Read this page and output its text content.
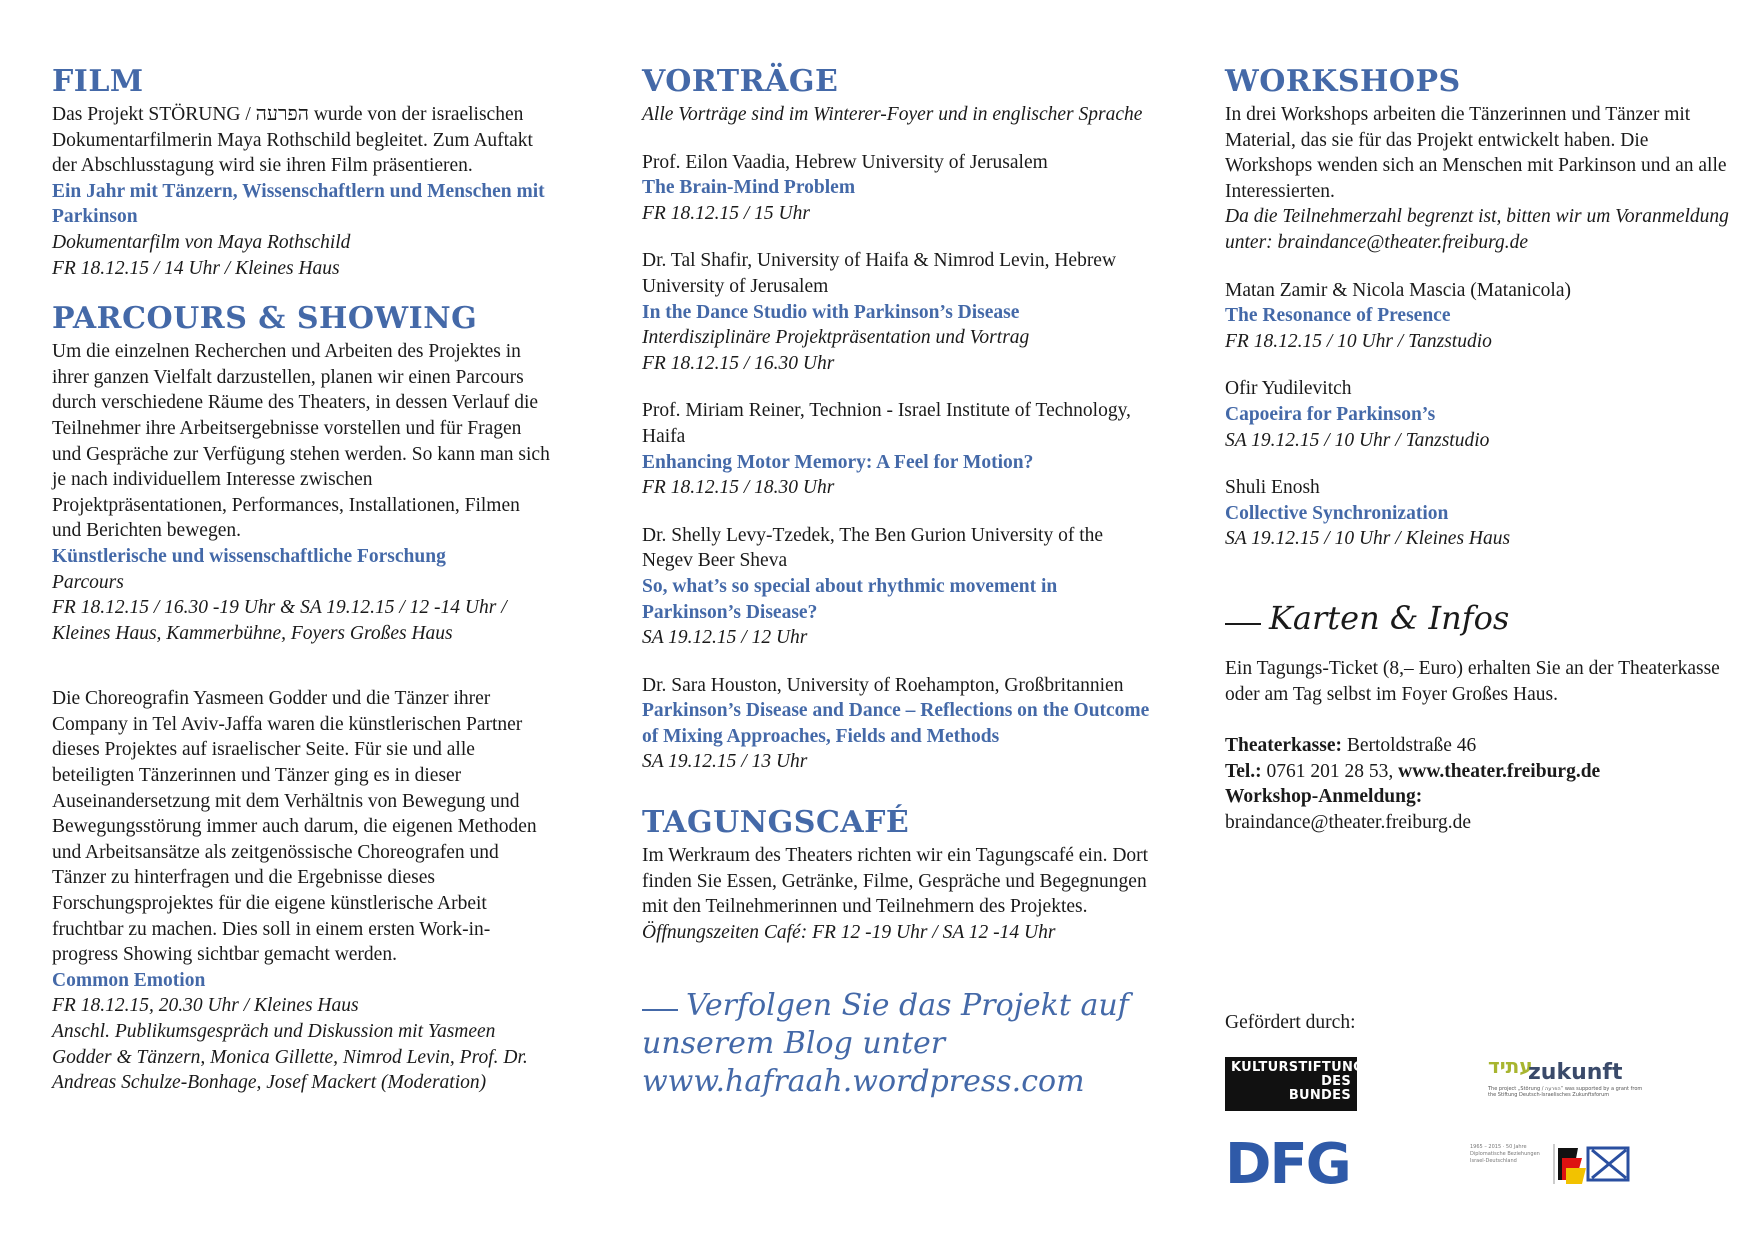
FILM

Das Projekt STÖRUNG / הפרעה wurde von der israelischen Dokumentarfilmerin Maya Rothschild begleitet. Zum Auftakt der Abschlusstagung wird sie ihren Film präsentieren.

Ein Jahr mit Tänzern, Wissenschaftlern und Menschen mit Parkinson

Dokumentarfilm von Maya Rothschild

FR 18.12.15 / 14 Uhr / Kleines Haus

PARCOURS & SHOWING

Um die einzelnen Recherchen und Arbeiten des Projektes in ihrer ganzen Vielfalt darzustellen, planen wir einen Parcours durch verschiedene Räume des Theaters, in dessen Verlauf die Teilnehmer ihre Arbeitsergebnisse vorstellen und für Fragen und Gespräche zur Verfügung stehen werden. So kann man sich je nach individuellem Interesse zwischen Projektpräsentationen, Performances, Installationen, Filmen und Berichten bewegen.

Künstlerische und wissenschaftliche Forschung

Parcours

FR 18.12.15 / 16.30 -19 Uhr & SA 19.12.15 / 12 -14 Uhr / Kleines Haus, Kammerbühne, Foyers Großes Haus

Die Choreografin Yasmeen Godder und die Tänzer ihrer Company in Tel Aviv-Jaffa waren die künstlerischen Partner dieses Projektes auf israelischer Seite. Für sie und alle beteiligten Tänzerinnen und Tänzer ging es in dieser Auseinandersetzung mit dem Verhältnis von Bewegung und Bewegungsstörung immer auch darum, die eigenen Methoden und Arbeitsansätze als zeitgenössische Choreografen und Tänzer zu hinterfragen und die Ergebnisse dieses Forschungsprojektes für die eigene künstlerische Arbeit fruchtbar zu machen. Dies soll in einem ersten Work-in-progress Showing sichtbar gemacht werden.

Common Emotion

FR 18.12.15, 20.30 Uhr / Kleines Haus

Anschl. Publikumsgespräch und Diskussion mit Yasmeen Godder & Tänzern, Monica Gillette, Nimrod Levin, Prof. Dr. Andreas Schulze-Bonhage, Josef Mackert (Moderation)

VORTRÄGE

Alle Vorträge sind im Winterer-Foyer und in englischer Sprache

Prof. Eilon Vaadia, Hebrew University of Jerusalem

The Brain-Mind Problem

FR 18.12.15 / 15 Uhr

Dr. Tal Shafir, University of Haifa & Nimrod Levin, Hebrew University of Jerusalem

In the Dance Studio with Parkinson’s Disease

Interdisziplinäre Projektpräsentation und Vortrag

FR 18.12.15 / 16.30 Uhr

Prof. Miriam Reiner, Technion - Israel Institute of Technology, Haifa

Enhancing Motor Memory: A Feel for Motion?

FR 18.12.15 / 18.30 Uhr

Dr. Shelly Levy-Tzedek, The Ben Gurion University of the Negev Beer Sheva

So, what’s so special about rhythmic movement in Parkinson’s Disease?

SA 19.12.15 / 12 Uhr

Dr. Sara Houston, University of Roehampton, Großbritannien

Parkinson’s Disease and Dance – Reflections on the Outcome of Mixing Approaches, Fields and Methods

SA 19.12.15 / 13 Uhr

TAGUNGSCAFÉ

Im Werkraum des Theaters richten wir ein Tagungscafé ein. Dort finden Sie Essen, Getränke, Filme, Gespräche und Begegnungen mit den Teilnehmerinnen und Teilnehmern des Projektes.

Öffnungszeiten Café: FR 12 -19 Uhr / SA 12 -14 Uhr

Verfolgen Sie das Projekt auf unserem Blog unter www.hafraah.wordpress.com

WORKSHOPS

In drei Workshops arbeiten die Tänzerinnen und Tänzer mit Material, das sie für das Projekt entwickelt haben. Die Workshops wenden sich an Menschen mit Parkinson und an alle Interessierten.

Da die Teilnehmerzahl begrenzt ist, bitten wir um Voranmeldung unter: braindance@theater.freiburg.de

Matan Zamir & Nicola Mascia (Matanicola)

The Resonance of Presence

FR 18.12.15 / 10 Uhr / Tanzstudio

Ofir Yudilevitch

Capoeira for Parkinson’s

SA 19.12.15 / 10 Uhr / Tanzstudio

Shuli Enosh

Collective Synchronization

SA 19.12.15 / 10 Uhr / Kleines Haus

Karten & Infos

Ein Tagungs-Ticket (8,– Euro) erhalten Sie an der Theaterkasse oder am Tag selbst im Foyer Großes Haus.

Theaterkasse: Bertoldstraße 46

Tel.: 0761 201 28 53, www.theater.freiburg.de

Workshop-Anmeldung:

braindance@theater.freiburg.de

Gefördert durch:

KULTURSTIFTUNG
DES
BUNDES
DFG
עתיד
zukunft
The project „Störung / הפרעה“ was supported by a grant from the Stiftung Deutsch-Israelisches Zukunftsforum
1965 – 2015 · 50 Jahre Diplomatische Beziehungen Israel-Deutschland
